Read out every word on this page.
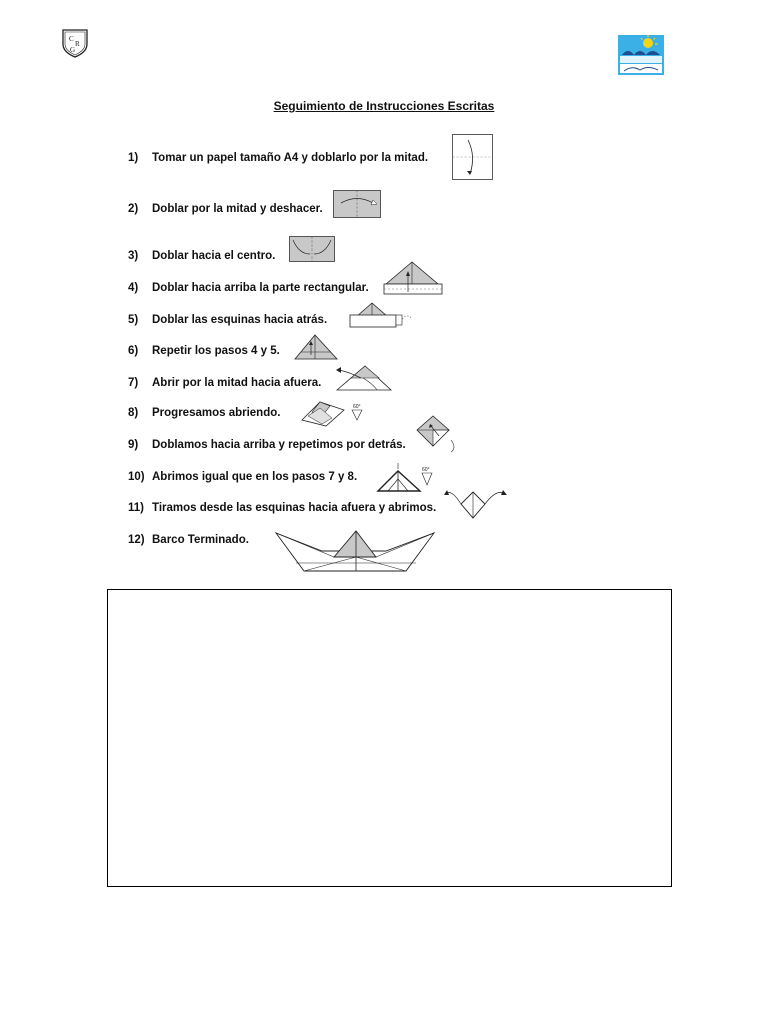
C
R
G
Seguimiento de Instrucciones Escritas
1) Tomar un papel tamaño A4 y doblarlo por la mitad.
2) Doblar por la mitad y deshacer.
3) Doblar hacia el centro.
4) Doblar hacia arriba la parte rectangular.
5) Doblar las esquinas hacia atrás.
6) Repetir los pasos 4 y 5.
7) Abrir por la mitad hacia afuera.
8) Progresamos abriendo.
9) Doblamos hacia arriba y repetimos por detrás.
10) Abrimos igual que en los pasos 7 y 8.
11) Tiramos desde las esquinas hacia afuera y abrimos.
12) Barco Terminado.
60°
60°
